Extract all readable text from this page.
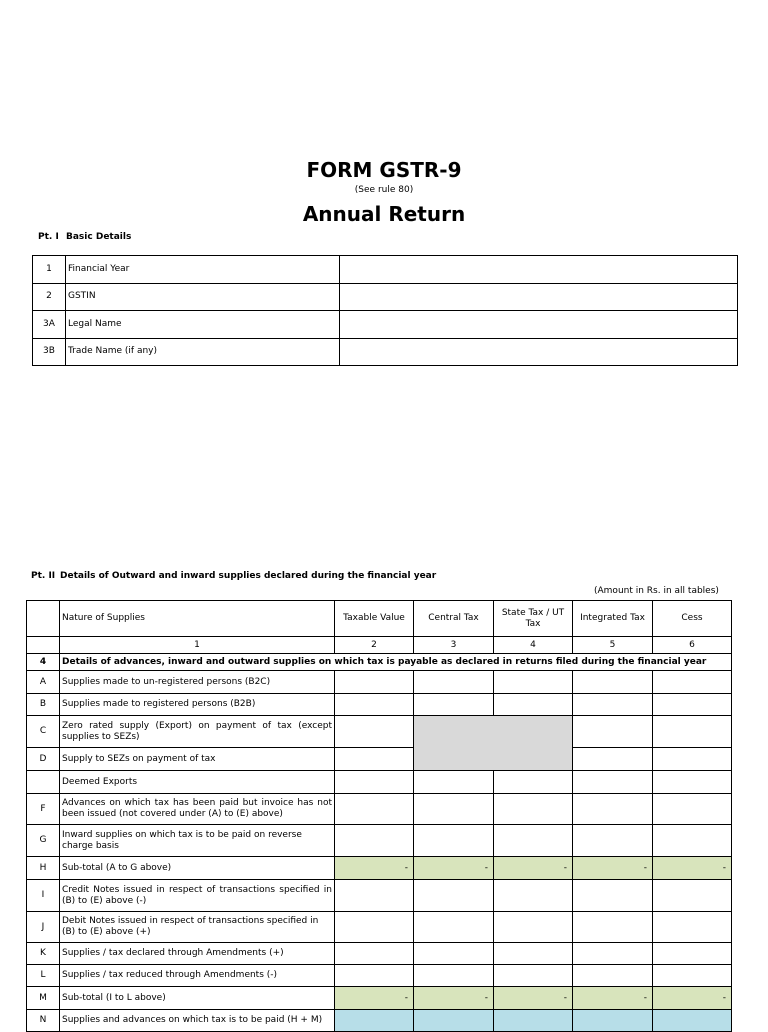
FORM GSTR-9
(See rule 80)
Annual Return
Pt. I Basic Details
1	Financial Year	
2	GSTIN	
3A	Legal Name	
3B	Trade Name (if any)	
Pt. II Details of Outward and inward supplies declared during the financial year
(Amount in Rs. in all tables)
	Nature of Supplies	Taxable Value	Central Tax	State Tax / UT Tax	Integrated Tax	Cess
	1	2	3	4	5	6
4	Details of advances, inward and outward supplies on which tax is payable as declared in returns filed during the financial year					
A	Supplies made to un-registered persons (B2C)					
B	Supplies made to registered persons (B2B)					
C	Zero rated supply (Export) on payment of tax (except supplies to SEZs)					
D	Supply to SEZs on payment of tax					
	Deemed Exports					
F	Advances on which tax has been paid but invoice has not been issued (not covered under (A) to (E) above)					
G	Inward supplies on which tax is to be paid on reverse charge basis					
H	Sub-total (A to G above)	-	-	-	-	-
I	Credit Notes issued in respect of transactions specified in (B) to (E) above (-)					
J	Debit Notes issued in respect of transactions specified in (B) to (E) above (+)					
K	Supplies / tax declared through Amendments (+)					
L	Supplies / tax reduced through Amendments (-)					
M	Sub-total (I to L above)	-	-	-	-	-
N	Supplies and advances on which tax is to be paid (H + M)					
